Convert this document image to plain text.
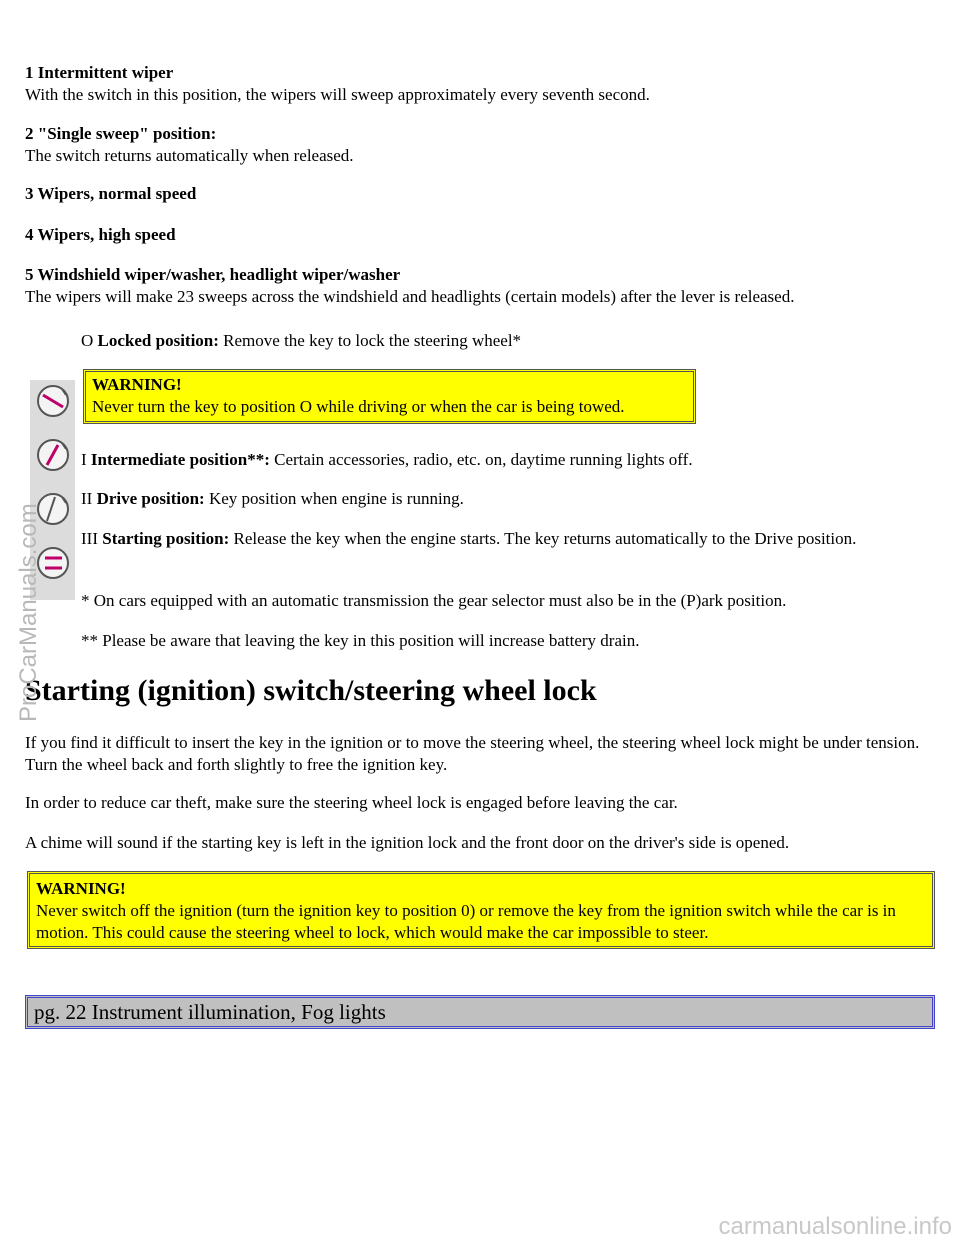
1 Intermittent wiper

With the switch in this position, the wipers will sweep approximately every seventh second.

2 "Single sweep" position:

The switch returns automatically when released.

3 Wipers, normal speed

4 Wipers, high speed

5 Windshield wiper/washer, headlight wiper/washer

The wipers will make 23 sweeps across the windshield and headlights (certain models) after the lever is released.

O Locked position: Remove the key to lock the steering wheel*
WARNING!
Never turn the key to position O while driving or when the car is being towed.
I Intermediate position**: Certain accessories, radio, etc. on, daytime running lights off.
II Drive position: Key position when engine is running.
III Starting position: Release the key when the engine starts. The key returns automatically to the Drive position.
* On cars equipped with an automatic transmission the gear selector must also be in the (P)ark position.
** Please be aware that leaving the key in this position will increase battery drain.
Starting (ignition) switch/steering wheel lock
If you find it difficult to insert the key in the ignition or to move the steering wheel, the steering wheel lock might be under tension. Turn the wheel back and forth slightly to free the ignition key.
In order to reduce car theft, make sure the steering wheel lock is engaged before leaving the car.
A chime will sound if the starting key is left in the ignition lock and the front door on the driver's side is opened.
WARNING!
Never switch off the ignition (turn the ignition key to position 0) or remove the key from the ignition switch while the car is in motion. This could cause the steering wheel to lock, which would make the car impossible to steer.
pg. 22 Instrument illumination, Fog lights
ProCarManuals.com
carmanualsonline.info
